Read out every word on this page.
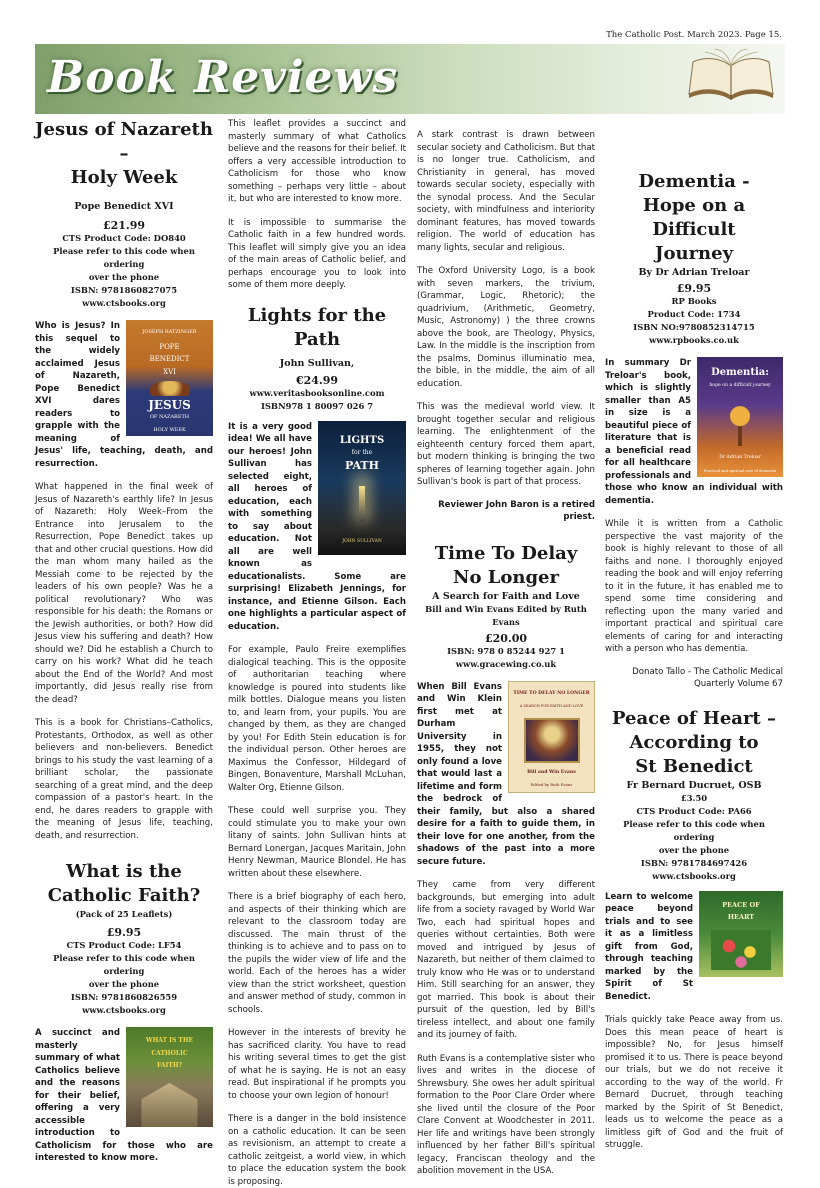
The Catholic Post. March 2023. Page 15.
Book Reviews
Jesus of Nazareth –
Holy Week
Pope Benedict XVI
£21.99
CTS Product Code: DO840
Please refer to this code when ordering
over the phone
ISBN: 9781860827075
www.ctsbooks.org
JOSEPH RATZINGER
POPE
BENEDICT
XVI
JESUS
OF NAZARETH
HOLY WEEK
Who is Jesus? In this sequel to the widely acclaimed Jesus of Nazareth, Pope Benedict XVI dares readers to grapple with the meaning of Jesus' life, teaching, death, and resurrection.
What happened in the final week of Jesus of Nazareth's earthly life? In Jesus of Nazareth: Holy Week–From the Entrance into Jerusalem to the Resurrection, Pope Benedict takes up that and other crucial questions. How did the man whom many hailed as the Messiah come to be rejected by the leaders of his own people? Was he a political revolutionary? Who was responsible for his death: the Romans or the Jewish authorities, or both? How did Jesus view his suffering and death? How should we? Did he establish a Church to carry on his work? What did he teach about the End of the World? And most importantly, did Jesus really rise from the dead?
This is a book for Christians–Catholics, Protestants, Orthodox, as well as other believers and non-believers. Benedict brings to his study the vast learning of a brilliant scholar, the passionate searching of a great mind, and the deep compassion of a pastor's heart. In the end, he dares readers to grapple with the meaning of Jesus life, teaching, death, and resurrection.
What is the
Catholic Faith?
(Pack of 25 Leaflets)
£9.95
CTS Product Code: LF54
Please refer to this code when ordering
over the phone
ISBN: 9781860826559
www.ctsbooks.org
WHAT IS THE
CATHOLIC
FAITH?
A succinct and masterly summary of what Catholics believe and the reasons for their belief, offering a very accessible introduction to Catholicism for those who are interested to know more.
This leaflet provides a succinct and masterly summary of what Catholics believe and the reasons for their belief. It offers a very accessible introduction to Catholicism for those who know something – perhaps very little – about it, but who are interested to know more.
It is impossible to summarise the Catholic faith in a few hundred words. This leaflet will simply give you an idea of the main areas of Catholic belief, and perhaps encourage you to look into some of them more deeply.
Lights for the Path
John Sullivan,
€24.99
www.veritasbooksonline.com
ISBN978 1 80097 026 7
LIGHTS
for the
PATH
JOHN SULLIVAN
It is a very good idea! We all have our heroes! John Sullivan has selected eight, all heroes of education, each with something to say about education. Not all are well known as educationalists. Some are surprising! Elizabeth Jennings, for instance, and Etienne Gilson. Each one highlights a particular aspect of education.
For example, Paulo Freire exemplifies dialogical teaching. This is the opposite of authoritarian teaching where knowledge is poured into students like milk bottles. Dialogue means you listen to, and learn from, your pupils. You are changed by them, as they are changed by you! For Edith Stein education is for the individual person. Other heroes are Maximus the Confessor, Hildegard of Bingen, Bonaventure, Marshall McLuhan, Walter Org, Etienne Gilson.
These could well surprise you. They could stimulate you to make your own litany of saints. John Sullivan hints at Bernard Lonergan, Jacques Maritain, John Henry Newman, Maurice Blondel. He has written about these elsewhere.
There is a brief biography of each hero, and aspects of their thinking which are relevant to the classroom today are discussed. The main thrust of the thinking is to achieve and to pass on to the pupils the wider view of life and the world. Each of the heroes has a wider view than the strict worksheet, question and answer method of study, common in schools.
However in the interests of brevity he has sacrificed clarity. You have to read his writing several times to get the gist of what he is saying. He is not an easy read. But inspirational if he prompts you to choose your own legion of honour!
There is a danger in the bold insistence on a catholic education. It can be seen as revisionism, an attempt to create a catholic zeitgeist, a world view, in which to place the education system the book is proposing.
A stark contrast is drawn between secular society and Catholicism. But that is no longer true. Catholicism, and Christianity in general, has moved towards secular society, especially with the synodal process. And the Secular society, with mindfulness and interiority dominant features, has moved towards religion. The world of education has many lights, secular and religious.
The Oxford University Logo, is a book with seven markers, the trivium, (Grammar, Logic, Rhetoric); the quadrivium, (Arithmetic, Geometry, Music, Astronomy) ) the three crowns above the book, are Theology, Physics, Law. In the middle is the inscription from the psalms, Dominus illuminatio mea, the bible, in the middle, the aim of all education.
This was the medieval world view. It brought together secular and religious learning. The enlightenment of the eighteenth century forced them apart, but modern thinking is bringing the two spheres of learning together again. John Sullivan's book is part of that process.
Reviewer John Baron is a retired priest.
Time To Delay
No Longer
A Search for Faith and Love
Bill and Win Evans Edited by Ruth Evans
£20.00
ISBN: 978 0 85244 927 1
www.gracewing.co.uk
TIME TO DELAY NO LONGER
A SEARCH FOR FAITH AND LOVE
Bill and Win Evans
Edited by Ruth Evans
When Bill Evans and Win Klein first met at Durham University in 1955, they not only found a love that would last a lifetime and form the bedrock of their family, but also a shared desire for a faith to guide them, in their love for one another, from the shadows of the past into a more secure future.
They came from very different backgrounds, but emerging into adult life from a society ravaged by World War Two, each had spiritual hopes and queries without certainties. Both were moved and intrigued by Jesus of Nazareth, but neither of them claimed to truly know who He was or to understand Him. Still searching for an answer, they got married. This book is about their pursuit of the question, led by Bill's tireless intellect, and about one family and its journey of faith.
Ruth Evans is a contemplative sister who lives and writes in the diocese of Shrewsbury. She owes her adult spiritual formation to the Poor Clare Order where she lived until the closure of the Poor Clare Convent at Woodchester in 2011. Her life and writings have been strongly influenced by her father Bill's spiritual legacy, Franciscan theology and the abolition movement in the USA.
Dementia -
Hope on a Difficult
Journey
By Dr Adrian Treloar
£9.95
RP Books
Product Code: 1734
ISBN NO:9780852314715
www.rpbooks.co.uk
Dementia:
hope on a difficult journey
Dr Adrian Treloar
Practical and spiritual care of dementia
In summary Dr Treloar's book, which is slightly smaller than A5 in size is a beautiful piece of literature that is a beneficial read for all healthcare professionals and those who know an individual with dementia.
While it is written from a Catholic perspective the vast majority of the book is highly relevant to those of all faiths and none. I thoroughly enjoyed reading the book and will enjoy referring to it in the future, it has enabled me to spend some time considering and reflecting upon the many varied and important practical and spiritual care elements of caring for and interacting with a person who has dementia.
Donato Tallo - The Catholic Medical
Quarterly Volume 67
Peace of Heart –
According to
St Benedict
Fr Bernard Ducruet, OSB
£3.50
CTS Product Code: PA66
Please refer to this code when ordering
over the phone
ISBN: 9781784697426
www.ctsbooks.org
PEACE OF
HEART
Learn to welcome peace beyond trials and to see it as a limitless gift from God, through teaching marked by the Spirit of St Benedict.
Trials quickly take Peace away from us. Does this mean peace of heart is impossible? No, for Jesus himself promised it to us. There is peace beyond our trials, but we do not receive it according to the way of the world. Fr Bernard Ducruet, through teaching marked by the Spirit of St Benedict, leads us to welcome the peace as a limitless gift of God and the fruit of struggle.
